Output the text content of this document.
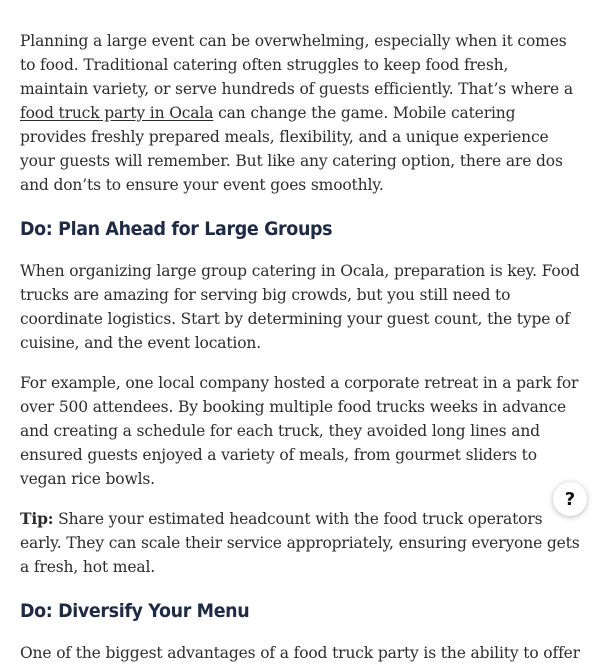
Planning a large event can be overwhelming, especially when it comes to food. Traditional catering often struggles to keep food fresh, maintain variety, or serve hundreds of guests efficiently. That’s where a food truck party in Ocala can change the game. Mobile catering provides freshly prepared meals, flexibility, and a unique experience your guests will remember. But like any catering option, there are dos and don’ts to ensure your event goes smoothly.

Do: Plan Ahead for Large Groups

When organizing large group catering in Ocala, preparation is key. Food trucks are amazing for serving big crowds, but you still need to coordinate logistics. Start by determining your guest count, the type of cuisine, and the event location.

For example, one local company hosted a corporate retreat in a park for over 500 attendees. By booking multiple food trucks weeks in advance and creating a schedule for each truck, they avoided long lines and ensured guests enjoyed a variety of meals, from gourmet sliders to vegan rice bowls.

Tip: Share your estimated headcount with the food truck operators early. They can scale their service appropriately, ensuring everyone gets a fresh, hot meal.

Do: Diversify Your Menu

One of the biggest advantages of a food truck party is the ability to offer

?
